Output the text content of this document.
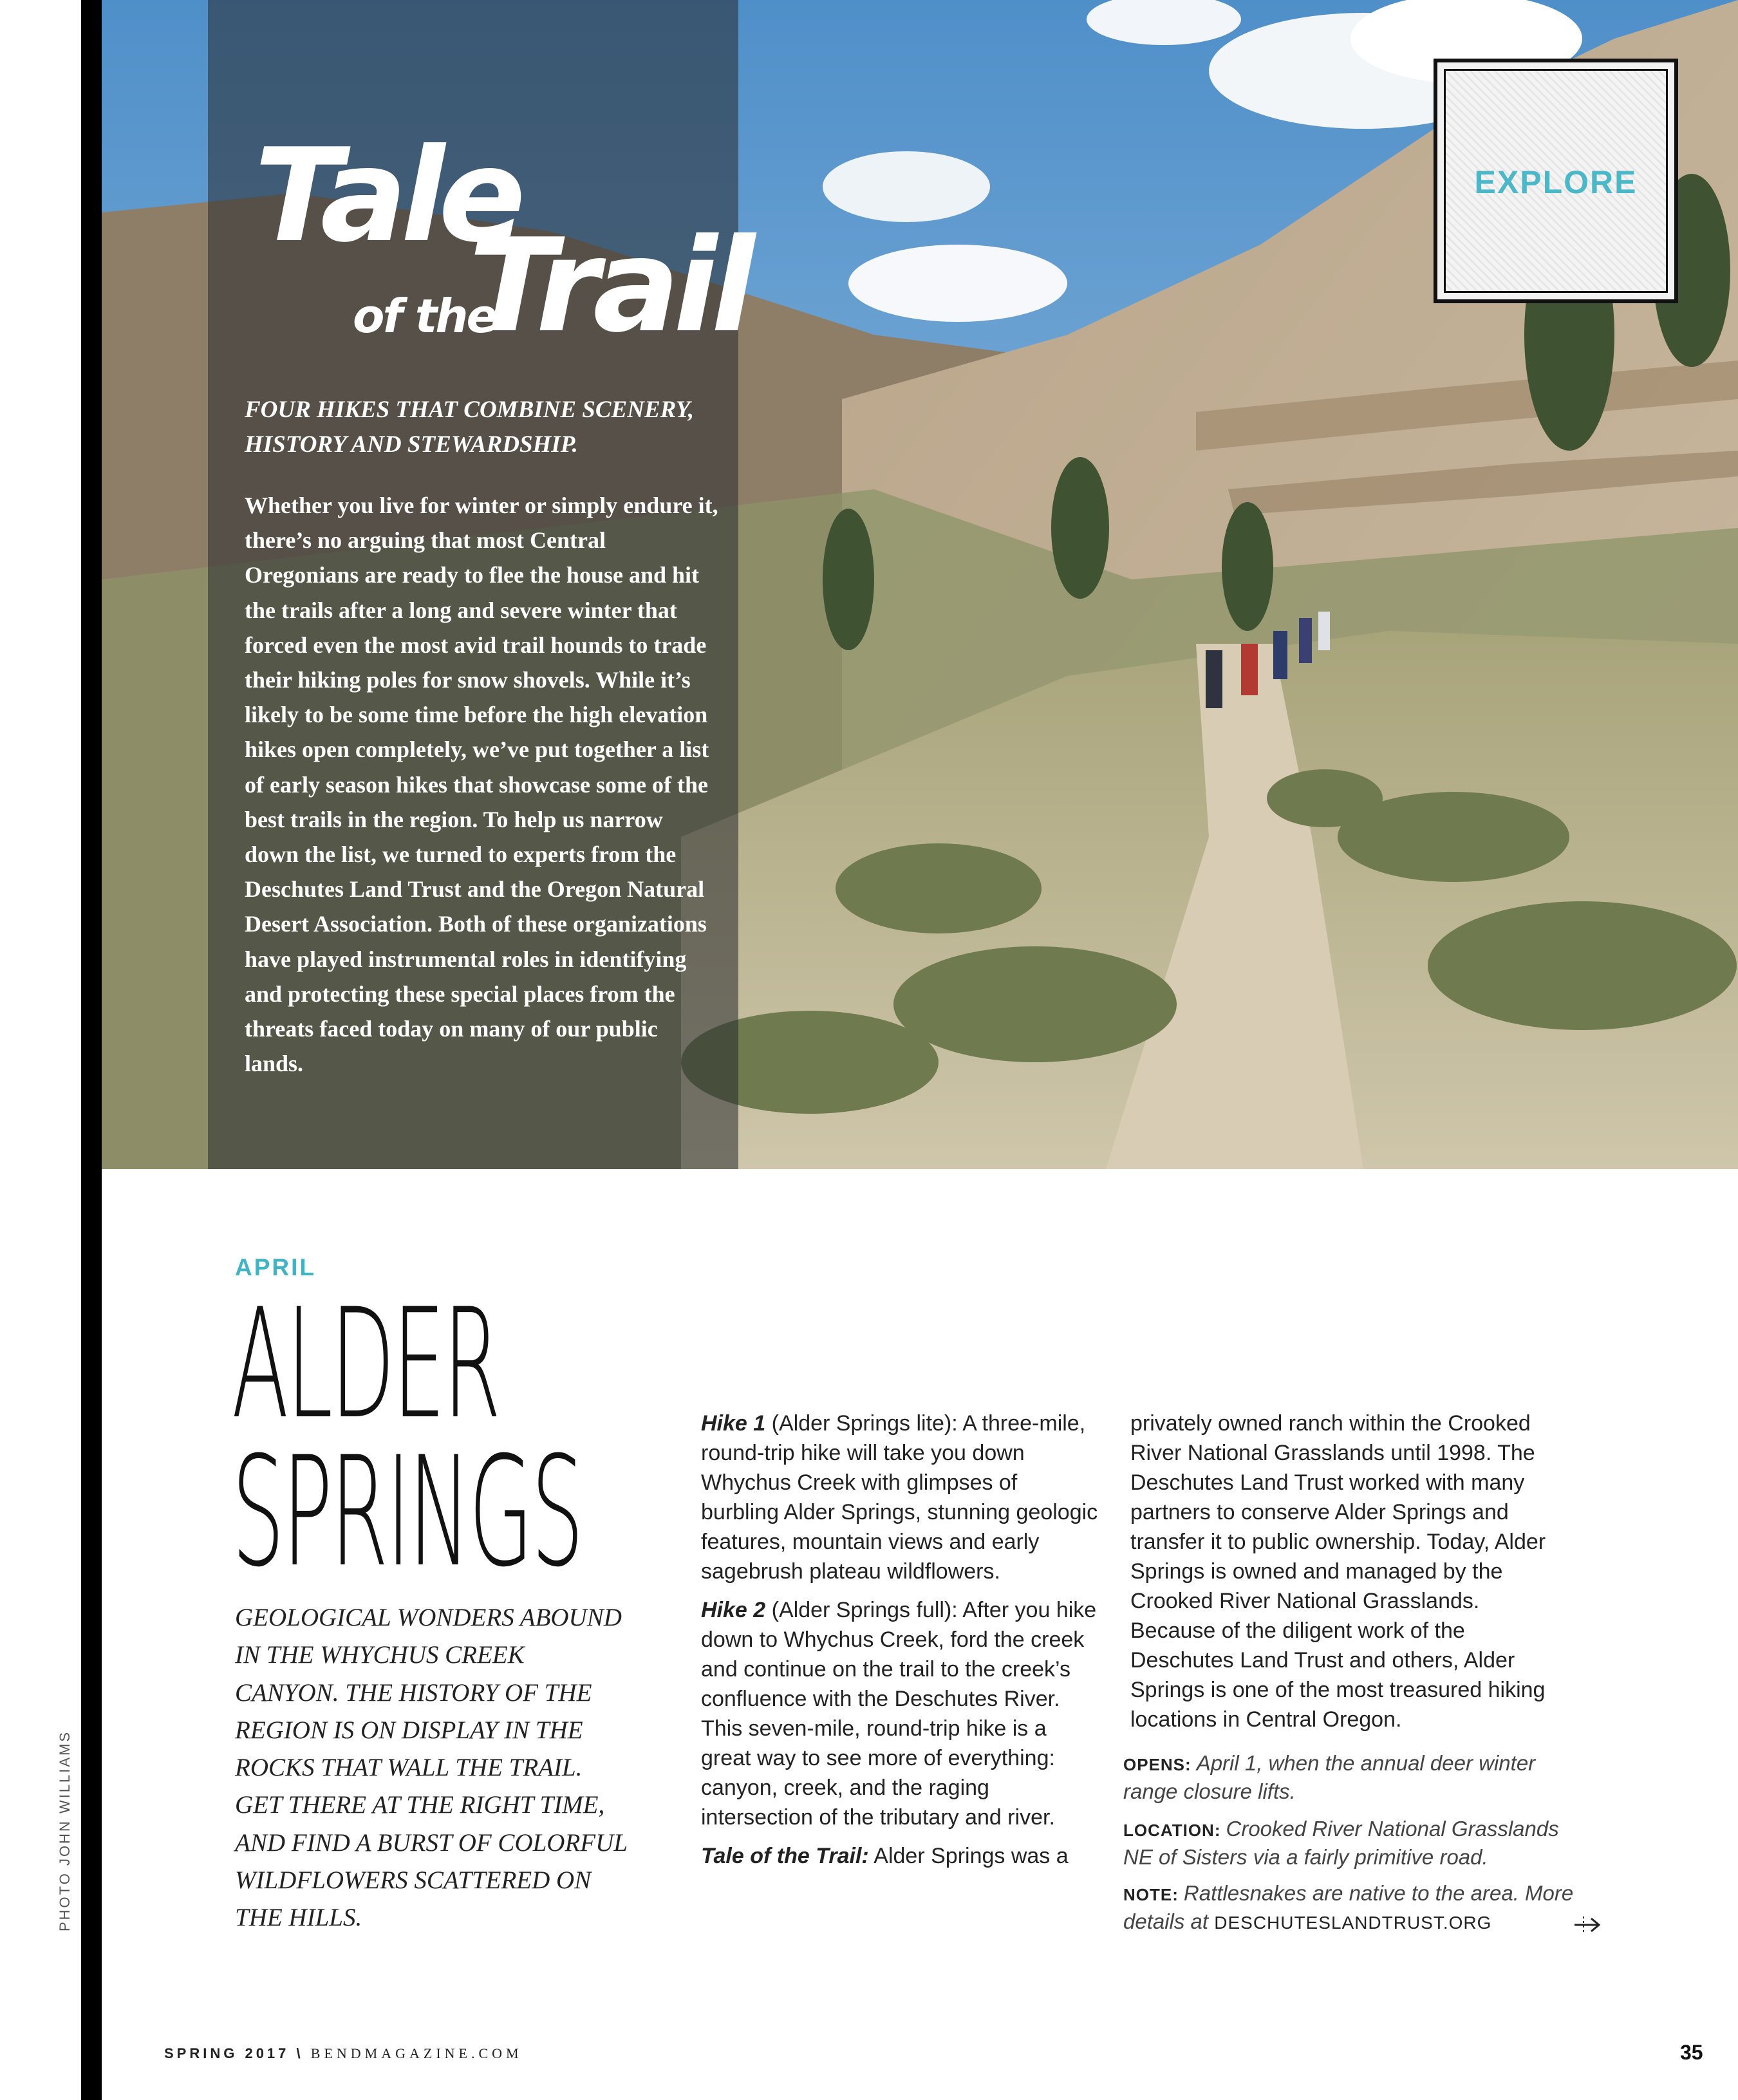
Tale
of the
Trail
FOUR HIKES THAT COMBINE SCENERY, HISTORY AND STEWARDSHIP.

Whether you live for winter or simply endure it, there’s no arguing that most Central Oregonians are ready to flee the house and hit the trails after a long and severe winter that forced even the most avid trail hounds to trade their hiking poles for snow shovels. While it’s likely to be some time before the high elevation hikes open completely, we’ve put together a list of early season hikes that showcase some of the best trails in the region. To help us narrow down the list, we turned to experts from the Deschutes Land Trust and the Oregon Natural Desert Association. Both of these organizations have played instrumental roles in identifying and protecting these special places from the threats faced today on many of our public lands.

EXPLORE
APRIL
ALDER
SPRINGS
GEOLOGICAL WONDERS ABOUND IN THE WHYCHUS CREEK CANYON. THE HISTORY OF THE REGION IS ON DISPLAY IN THE ROCKS THAT WALL THE TRAIL. GET THERE AT THE RIGHT TIME, AND FIND A BURST OF COLORFUL WILDFLOWERS SCATTERED ON THE HILLS.

Hike 1 (Alder Springs lite): A three-mile, round-trip hike will take you down Whychus Creek with glimpses of burbling Alder Springs, stunning geologic features, mountain views and early sagebrush plateau wildflowers.

Hike 2 (Alder Springs full): After you hike down to Whychus Creek, ford the creek and continue on the trail to the creek’s confluence with the Deschutes River. This seven-mile, round-trip hike is a great way to see more of everything: canyon, creek, and the raging intersection of the tributary and river.

Tale of the Trail: Alder Springs was a

privately owned ranch within the Crooked River National Grasslands until 1998. The Deschutes Land Trust worked with many partners to conserve Alder Springs and transfer it to public ownership. Today, Alder Springs is owned and managed by the Crooked River National Grasslands. Because of the diligent work of the Deschutes Land Trust and others, Alder Springs is one of the most treasured hiking locations in Central Oregon.

OPENS: April 1, when the annual deer winter range closure lifts.
LOCATION: Crooked River National Grasslands NE of Sisters via a fairly primitive road.
NOTE: Rattlesnakes are native to the area. More details at DESCHUTESLANDTRUST.ORG
PHOTO JOHN WILLIAMS
SPRING 2017 \ BENDMAGAZINE.COM	35
